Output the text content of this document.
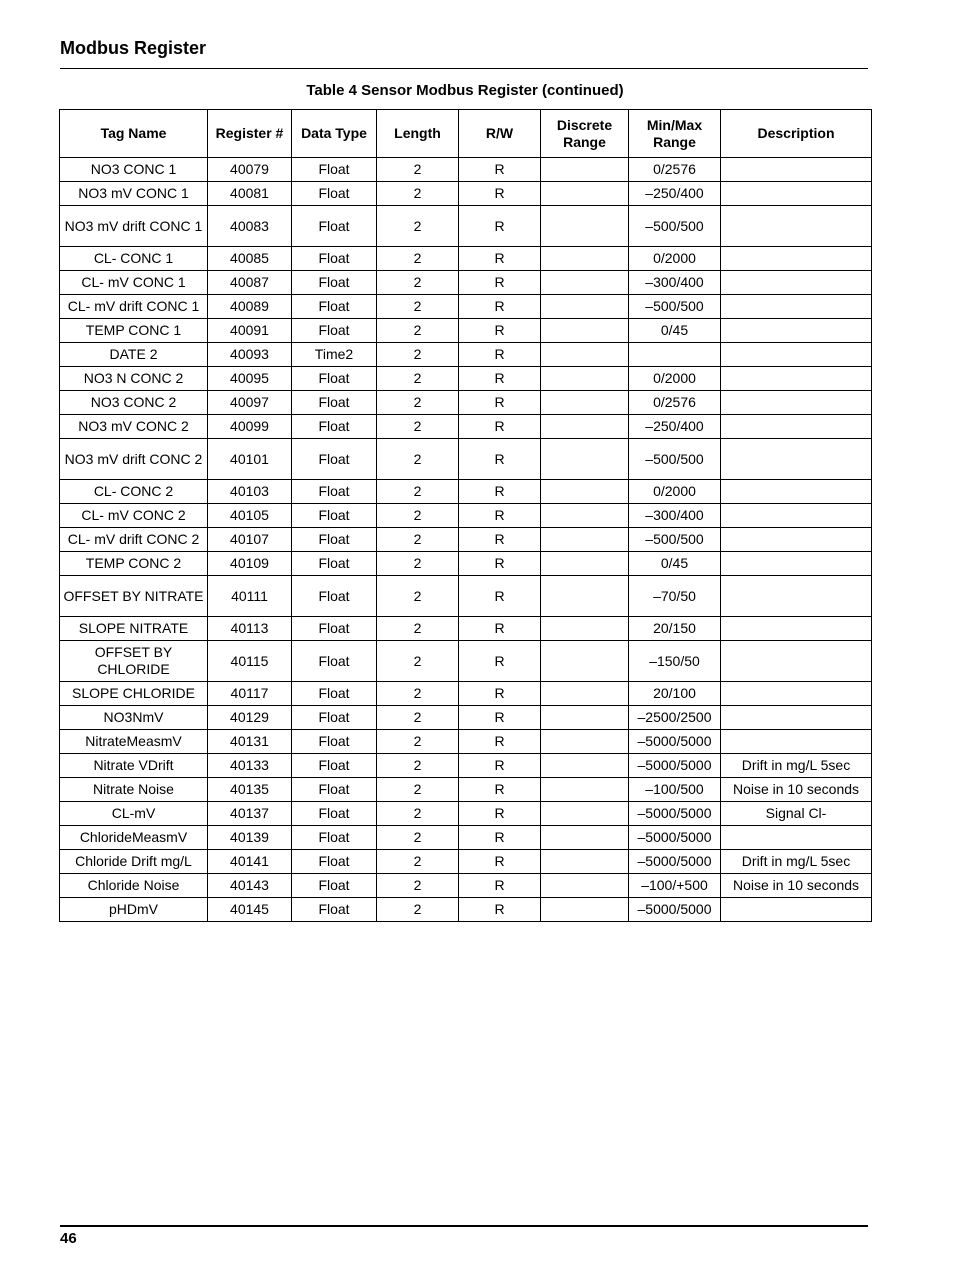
Modbus Register
Table 4 Sensor Modbus Register (continued)
Tag Name	Register #	Data Type	Length	R/W	Discrete Range	Min/Max Range	Description
NO3 CONC 1	40079	Float	2	R		0/2576	
NO3 mV CONC 1	40081	Float	2	R		–250/400	
NO3 mV drift CONC 1	40083	Float	2	R		–500/500	
CL- CONC 1	40085	Float	2	R		0/2000	
CL- mV CONC 1	40087	Float	2	R		–300/400	
CL- mV drift CONC 1	40089	Float	2	R		–500/500	
TEMP CONC 1	40091	Float	2	R		0/45	
DATE 2	40093	Time2	2	R			
NO3 N CONC 2	40095	Float	2	R		0/2000	
NO3 CONC 2	40097	Float	2	R		0/2576	
NO3 mV CONC 2	40099	Float	2	R		–250/400	
NO3 mV drift CONC 2	40101	Float	2	R		–500/500	
CL- CONC 2	40103	Float	2	R		0/2000	
CL- mV CONC 2	40105	Float	2	R		–300/400	
CL- mV drift CONC 2	40107	Float	2	R		–500/500	
TEMP CONC 2	40109	Float	2	R		0/45	
OFFSET BY NITRATE	40111	Float	2	R		–70/50	
SLOPE NITRATE	40113	Float	2	R		20/150	
OFFSET BY CHLORIDE	40115	Float	2	R		–150/50	
SLOPE CHLORIDE	40117	Float	2	R		20/100	
NO3NmV	40129	Float	2	R		–2500/2500	
NitrateMeasmV	40131	Float	2	R		–5000/5000	
Nitrate VDrift	40133	Float	2	R		–5000/5000	Drift in mg/L 5sec
Nitrate Noise	40135	Float	2	R		–100/500	Noise in 10 seconds
CL-mV	40137	Float	2	R		–5000/5000	Signal Cl-
ChlorideMeasmV	40139	Float	2	R		–5000/5000	
Chloride Drift mg/L	40141	Float	2	R		–5000/5000	Drift in mg/L 5sec
Chloride Noise	40143	Float	2	R		–100/+500	Noise in 10 seconds
pHDmV	40145	Float	2	R		–5000/5000	
46
